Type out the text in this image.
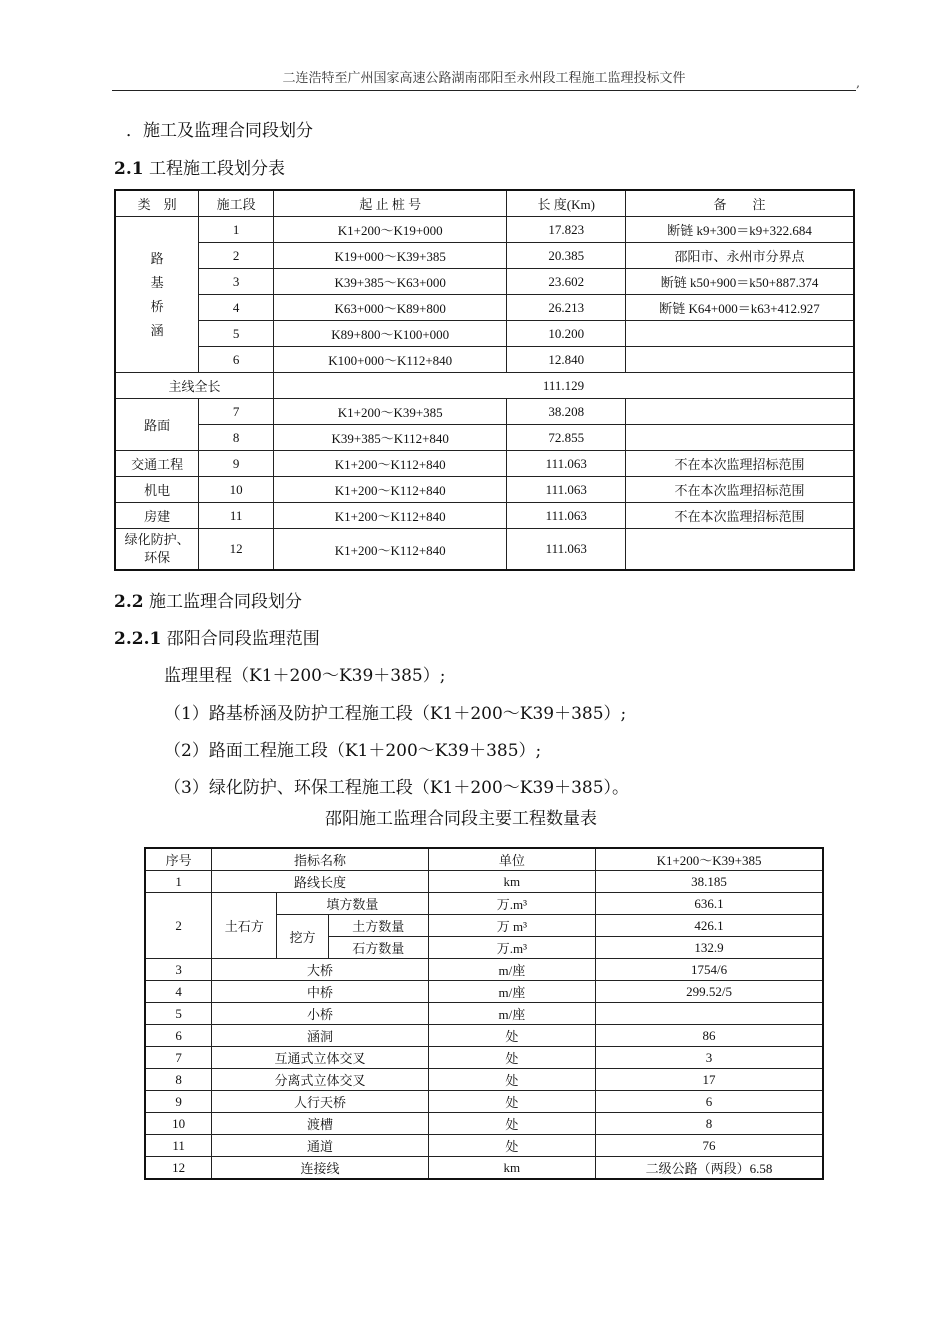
二连浩特至广州国家高速公路湖南邵阳至永州段工程施工监理投标文件	,
．施工及监理合同段划分
2.1 工程施工段划分表
类　别	施工段	起 止 桩 号	长 度(Km)	备　　注

路
基
桥
涵	1	K1+200～K19+000	17.823	断链 k9+300＝k9+322.684
	2	K19+000～K39+385	20.385	邵阳市、永州市分界点
	3	K39+385～K63+000	23.602	断链 k50+900＝k50+887.374
	4	K63+000～K89+800	26.213	断链 K64+000＝k63+412.927
	5	K89+800～K100+000	10.200	
	6	K100+000～K112+840	12.840	
主线全长		111.129		
路面	7	K1+200～K39+385	38.208	
	8	K39+385～K112+840	72.855	
交通工程	9	K1+200～K112+840	111.063	不在本次监理招标范围
机电	10	K1+200～K112+840	111.063	不在本次监理招标范围
房建	11	K1+200～K112+840	111.063	不在本次监理招标范围

绿化防护、
环保	12	K1+200～K112+840	111.063	
2.2 施工监理合同段划分
2.2.1 邵阳合同段监理范围
监理里程（K1＋200～K39＋385）;
（1）路基桥涵及防护工程施工段（K1＋200～K39＋385）;
（2）路面工程施工段（K1＋200～K39＋385）;
（3）绿化防护、环保工程施工段（K1＋200～K39＋385）。
邵阳施工监理合同段主要工程数量表
序号	指标名称			单位	K1+200～K39+385
1	路线长度			km	38.185
2	土石方	填方数量		万.m³	636.1
		挖方	土方数量	万 m³	426.1
			石方数量	万.m³	132.9
3	大桥			m/座	1754/6
4	中桥			m/座	299.52/5
5	小桥			m/座	
6	涵洞			处	86
7	互通式立体交叉			处	3
8	分离式立体交叉			处	17
9	人行天桥			处	6
10	渡槽			处	8
11	通道			处	76
12	连接线			km	二级公路（两段）6.58
